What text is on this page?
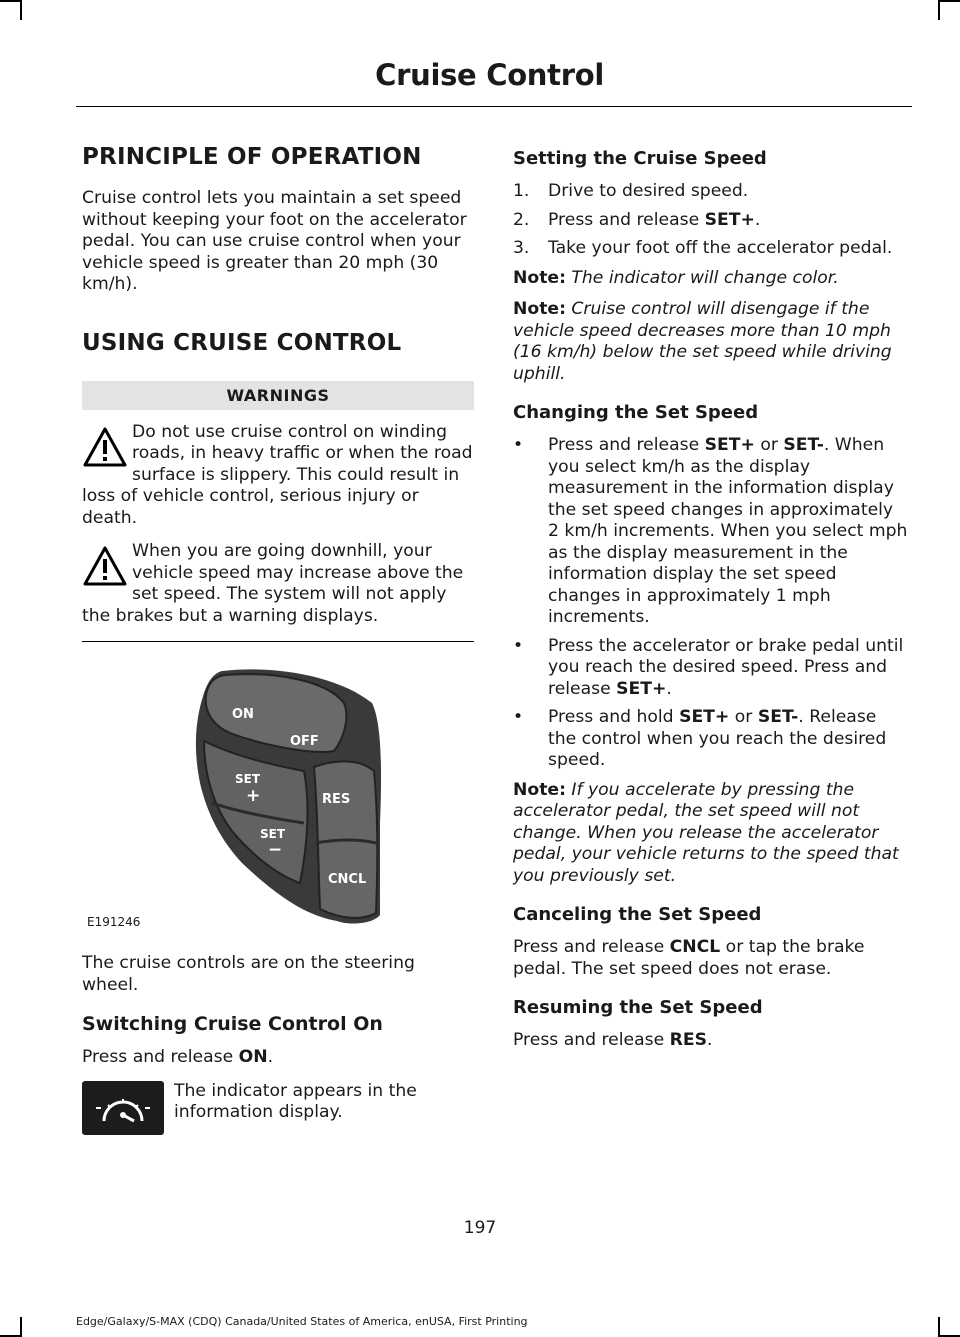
Cruise Control
PRINCIPLE OF OPERATION

Cruise control lets you maintain a set speed without keeping your foot on the accelerator pedal. You can use cruise control when your vehicle speed is greater than 20 mph (30 km/h).

USING CRUISE CONTROL
WARNINGS
Do not use cruise control on winding roads, in heavy traffic or when the road surface is slippery. This could result in loss of vehicle control, serious injury or death.
When you are going downhill, your vehicle speed may increase above the set speed. The system will not apply the brakes but a warning displays.
ON
OFF
SET
+
SET
−
RES
CNCL
E191246

The cruise controls are on the steering wheel.

Switching Cruise Control On

Press and release ON.

The indicator appears in the information display.

Setting the Cruise Speed
1. Drive to desired speed.
2. Press and release SET+.
3. Take your foot off the accelerator pedal.

Note: The indicator will change color.

Note: Cruise control will disengage if the vehicle speed decreases more than 10 mph (16 km/h) below the set speed while driving uphill.

Changing the Set Speed
• Press and release SET+ or SET-. When you select km/h as the display measurement in the information display the set speed changes in approximately 2 km/h increments. When you select mph as the display measurement in the information display the set speed changes in approximately 1 mph increments.
• Press the accelerator or brake pedal until you reach the desired speed. Press and release SET+.
• Press and hold SET+ or SET-. Release the control when you reach the desired speed.

Note: If you accelerate by pressing the accelerator pedal, the set speed will not change. When you release the accelerator pedal, your vehicle returns to the speed that you previously set.

Canceling the Set Speed

Press and release CNCL or tap the brake pedal. The set speed does not erase.

Resuming the Set Speed

Press and release RES.

197
Edge/Galaxy/S-MAX (CDQ) Canada/United States of America, enUSA, First Printing
